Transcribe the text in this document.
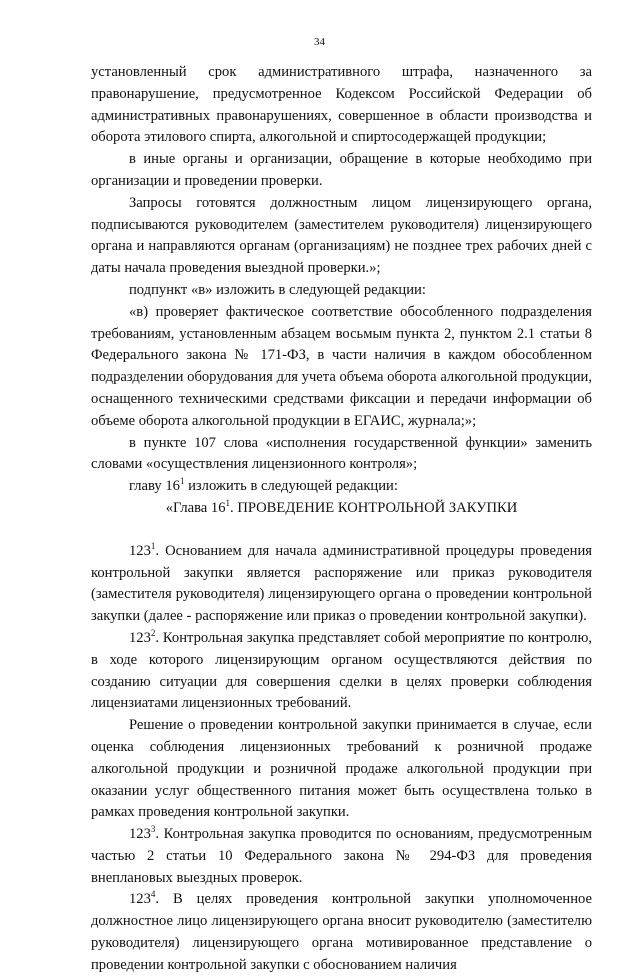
34

установленный срок административного штрафа, назначенного за правонарушение, предусмотренное Кодексом Российской Федерации об административных правонарушениях, совершенное в области производства и оборота этилового спирта, алкогольной и спиртосодержащей продукции;

в иные органы и организации, обращение в которые необходимо при организации и проведении проверки.

Запросы готовятся должностным лицом лицензирующего органа, подписываются руководителем (заместителем руководителя) лицензирующего органа и направляются органам (организациям) не позднее трех рабочих дней с даты начала проведения выездной проверки.»;

подпункт «в» изложить в следующей редакции:

«в) проверяет фактическое соответствие обособленного подразделения требованиям, установленным абзацем восьмым пункта 2, пунктом 2.1 статьи 8 Федерального закона № 171-ФЗ, в части наличия в каждом обособленном подразделении оборудования для учета объема оборота алкогольной продукции, оснащенного техническими средствами фиксации и передачи информации об объеме оборота алкогольной продукции в ЕГАИС, журнала;»;

в пункте 107 слова «исполнения государственной функции» заменить словами «осуществления лицензионного контроля»;

главу $16^1$ изложить в следующей редакции:

«Глава $16^1$. ПРОВЕДЕНИЕ КОНТРОЛЬНОЙ ЗАКУПКИ

$123^1$. Основанием для начала административной процедуры проведения контрольной закупки является распоряжение или приказ руководителя (заместителя руководителя) лицензирующего органа о проведении контрольной закупки (далее - распоряжение или приказ о проведении контрольной закупки).

$123^2$. Контрольная закупка представляет собой мероприятие по контролю, в ходе которого лицензирующим органом осуществляются действия по созданию ситуации для совершения сделки в целях проверки соблюдения лицензиатами лицензионных требований.

Решение о проведении контрольной закупки принимается в случае, если оценка соблюдения лицензионных требований к розничной продаже алкогольной продукции и розничной продаже алкогольной продукции при оказании услуг общественного питания может быть осуществлена только в рамках проведения контрольной закупки.

$123^3$. Контрольная закупка проводится по основаниям, предусмотренным частью 2 статьи 10 Федерального закона № 294-ФЗ для проведения внеплановых выездных проверок.

$123^4$. В целях проведения контрольной закупки уполномоченное должностное лицо лицензирующего органа вносит руководителю (заместителю руководителя) лицензирующего органа мотивированное представление о проведении контрольной закупки с обоснованием наличия
